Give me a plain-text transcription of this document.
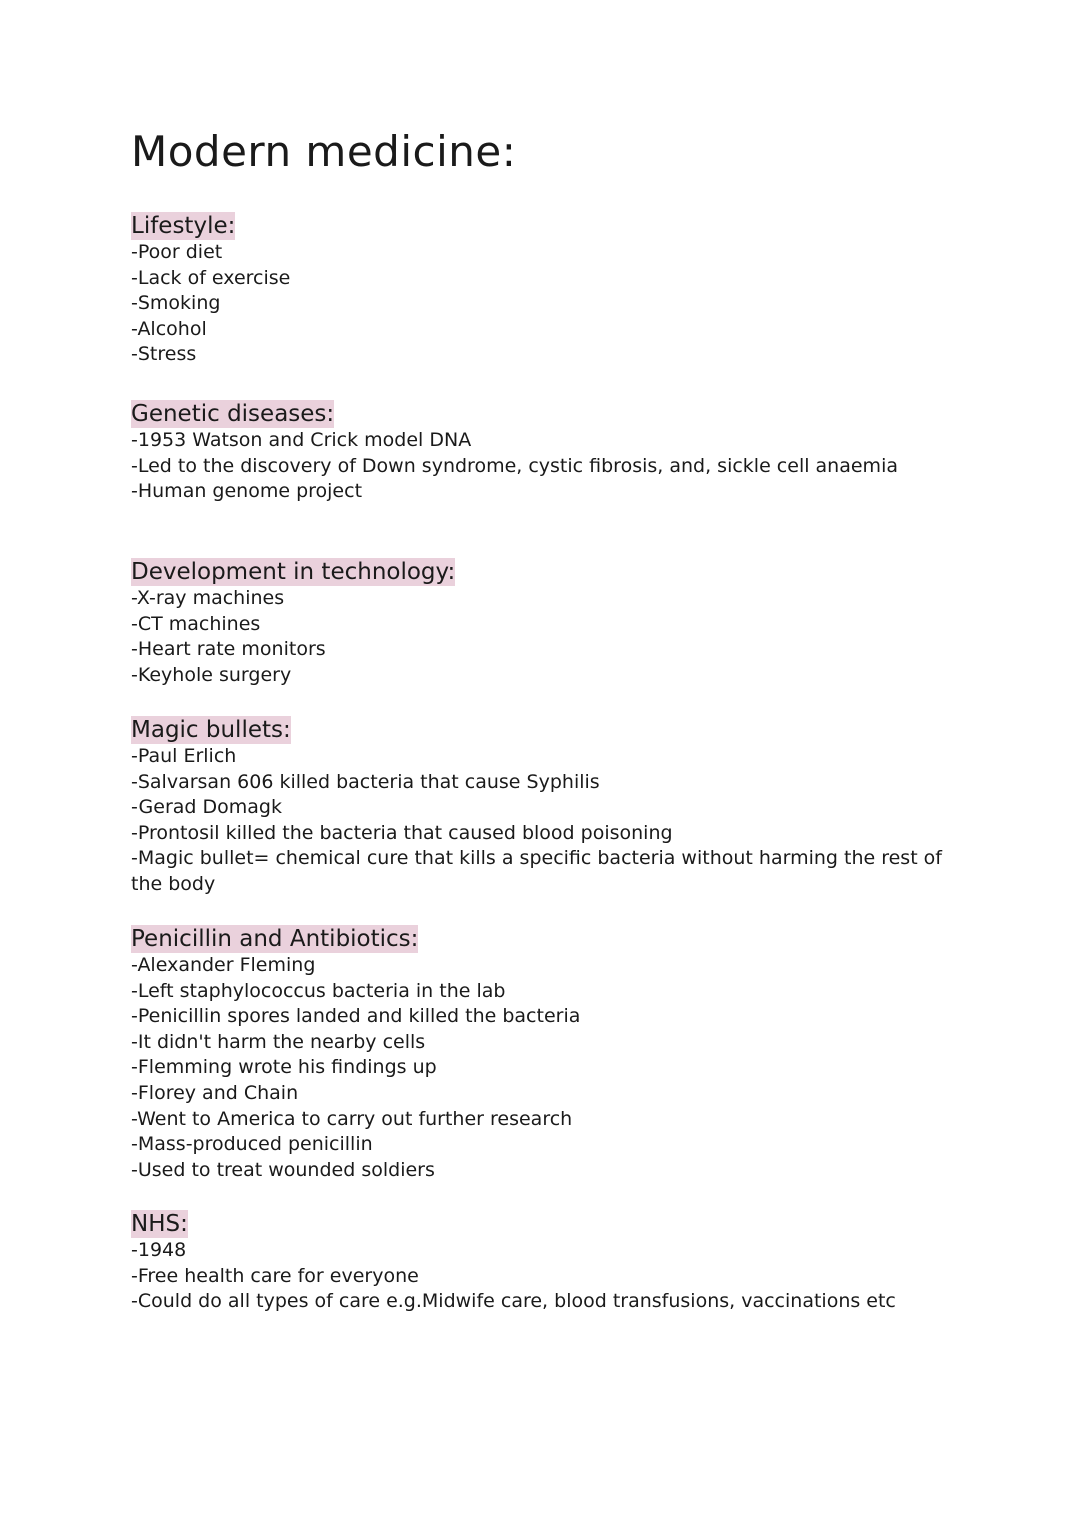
Modern medicine:
Lifestyle:
-Poor diet
-Lack of exercise
-Smoking
-Alcohol
-Stress
Genetic diseases:
-1953 Watson and Crick model DNA
-Led to the discovery of Down syndrome, cystic fibrosis, and, sickle cell anaemia
-Human genome project
Development in technology:
-X-ray machines
-CT machines
-Heart rate monitors
-Keyhole surgery
Magic bullets:
-Paul Erlich
-Salvarsan 606 killed bacteria that cause Syphilis
-Gerad Domagk
-Prontosil killed the bacteria that caused blood poisoning
-Magic bullet= chemical cure that kills a specific bacteria without harming the rest of the body
Penicillin and Antibiotics:
-Alexander Fleming
-Left staphylococcus bacteria in the lab
-Penicillin spores landed and killed the bacteria
-It didn't harm the nearby cells
-Flemming wrote his findings up
-Florey and Chain
-Went to America to carry out further research
-Mass-produced penicillin
-Used to treat wounded soldiers
NHS:
-1948
-Free health care for everyone
-Could do all types of care e.g.Midwife care, blood transfusions, vaccinations etc
